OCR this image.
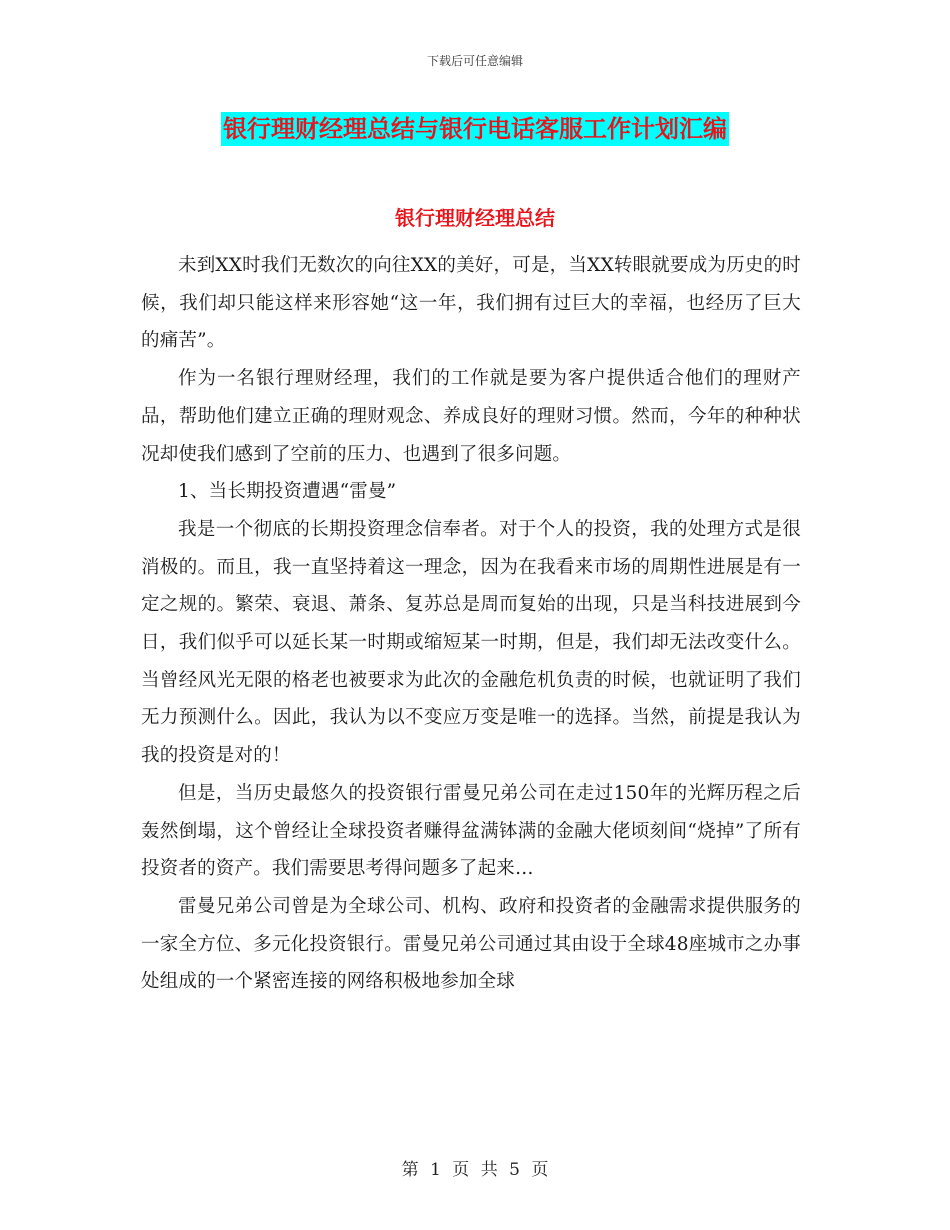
下载后可任意编辑
银行理财经理总结与银行电话客服工作计划汇编
银行理财经理总结

未到XX时我们无数次的向往XX的美好，可是，当XX转眼就要成为历史的时候，我们却只能这样来形容她“这一年，我们拥有过巨大的幸福，也经历了巨大的痛苦”。

作为一名银行理财经理，我们的工作就是要为客户提供适合他们的理财产品，帮助他们建立正确的理财观念、养成良好的理财习惯。然而，今年的种种状况却使我们感到了空前的压力、也遇到了很多问题。

1、当长期投资遭遇“雷曼”

我是一个彻底的长期投资理念信奉者。对于个人的投资，我的处理方式是很消极的。而且，我一直坚持着这一理念，因为在我看来市场的周期性进展是有一定之规的。繁荣、衰退、萧条、复苏总是周而复始的出现，只是当科技进展到今日，我们似乎可以延长某一时期或缩短某一时期，但是，我们却无法改变什么。当曾经风光无限的格老也被要求为此次的金融危机负责的时候，也就证明了我们无力预测什么。因此，我认为以不变应万变是唯一的选择。当然，前提是我认为我的投资是对的！

但是，当历史最悠久的投资银行雷曼兄弟公司在走过150年的光辉历程之后轰然倒塌，这个曾经让全球投资者赚得盆满钵满的金融大佬顷刻间“烧掉”了所有投资者的资产。我们需要思考得问题多了起来…

雷曼兄弟公司曾是为全球公司、机构、政府和投资者的金融需求提供服务的一家全方位、多元化投资银行。雷曼兄弟公司通过其由设于全球48座城市之办事处组成的一个紧密连接的网络积极地参加全球

第 1 页 共 5 页
